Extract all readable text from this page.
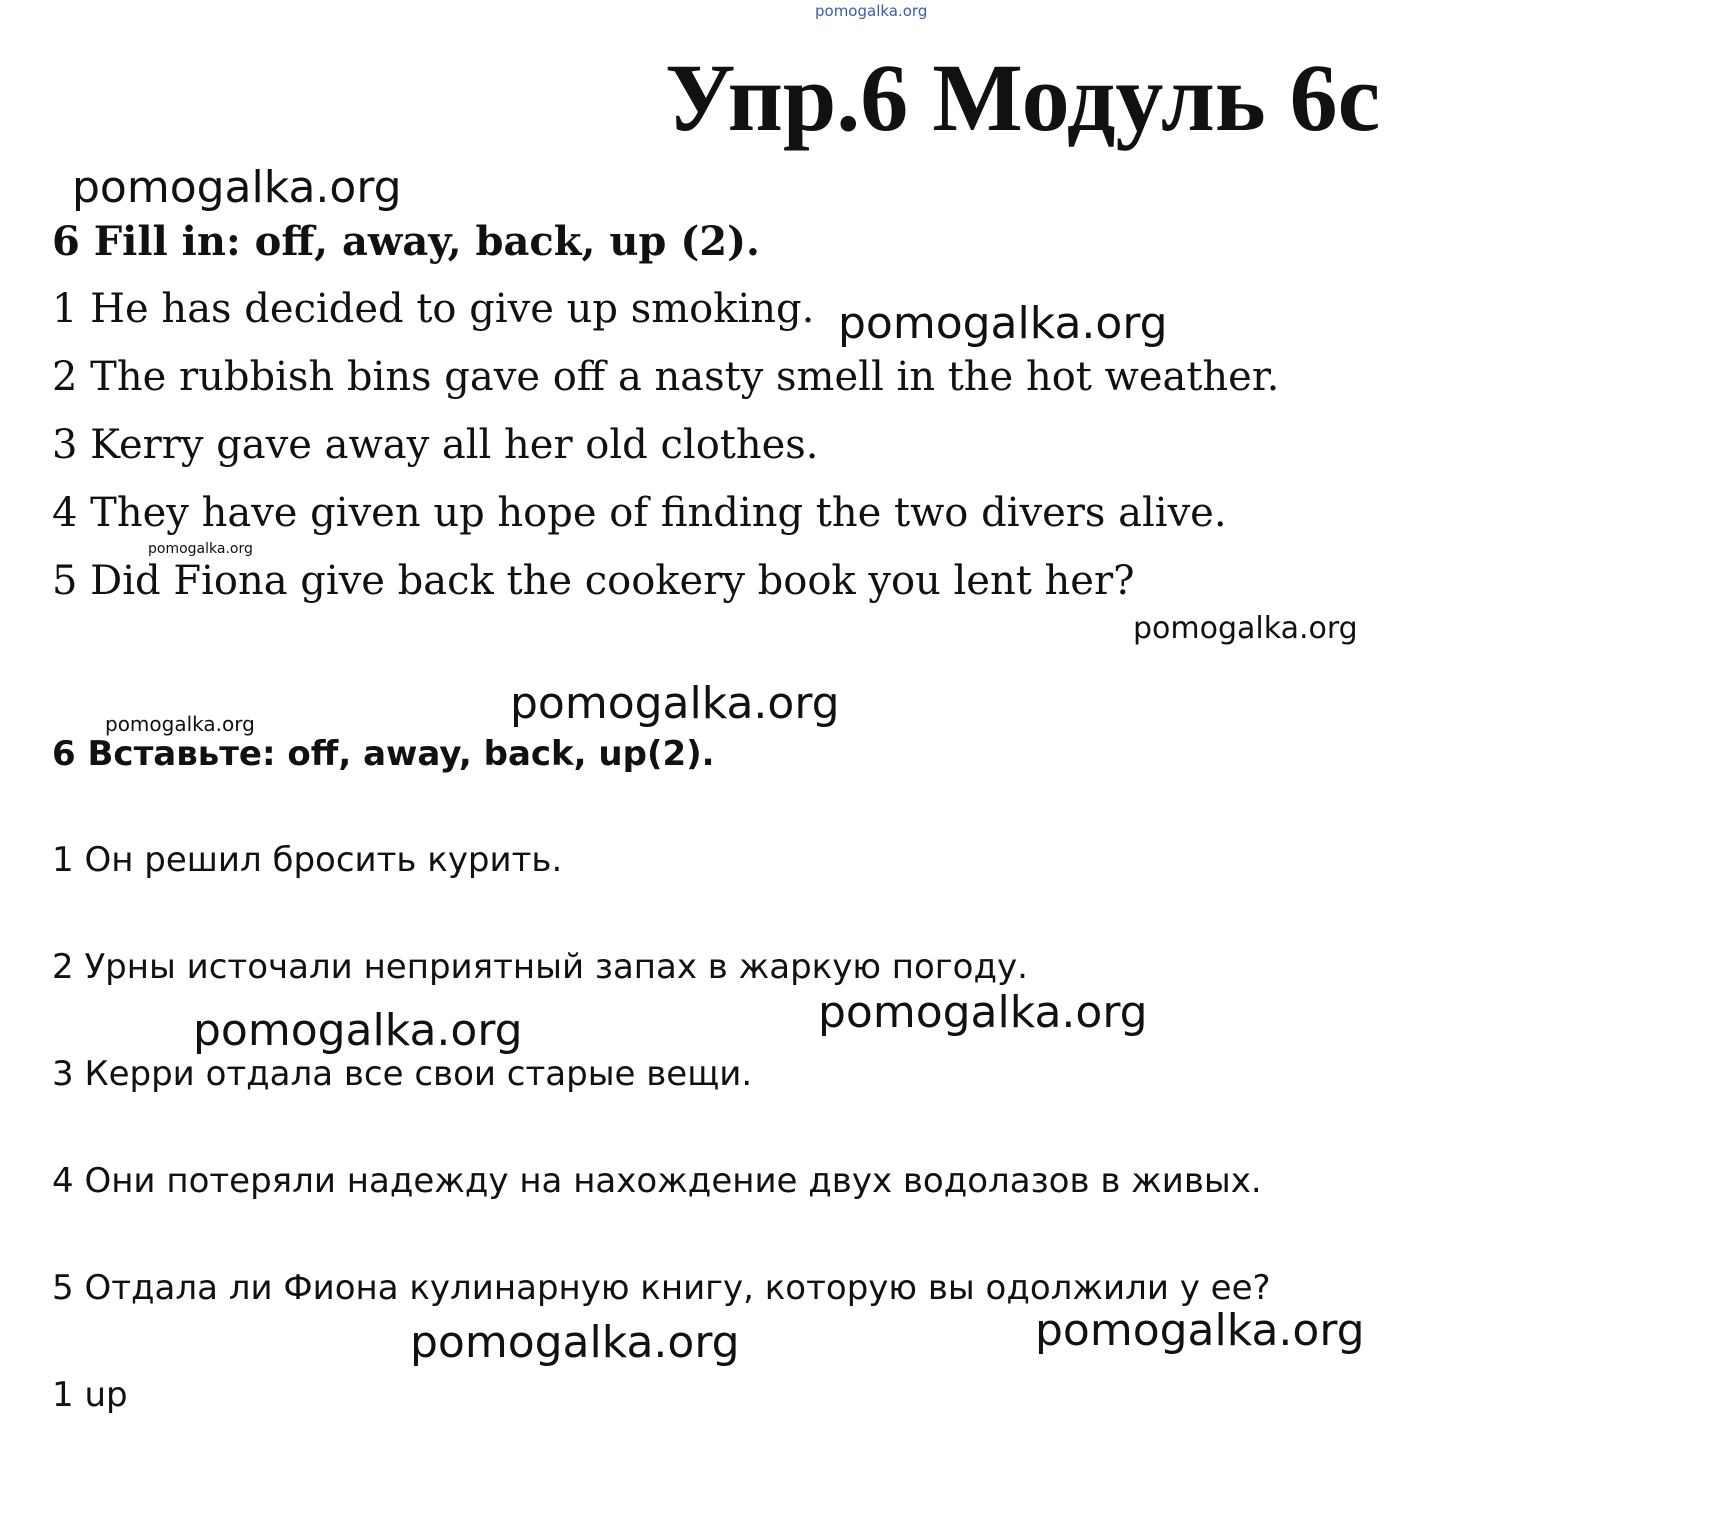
pomogalka.org
Упр.6 Модуль 6с
pomogalka.org
pomogalka.org
pomogalka.org
pomogalka.org
pomogalka.org
pomogalka.org
pomogalka.org
pomogalka.org
pomogalka.org
pomogalka.org
6 Fill in: off, away, back, up (2).
1 He has decided to give up smoking.
2 The rubbish bins gave off a nasty smell in the hot weather.
3 Kerry gave away all her old clothes.
4 They have given up hope of finding the two divers alive.
5 Did Fiona give back the cookery book you lent her?
6 Вставьте: off, away, back, up(2).
1 Он решил бросить курить.
2 Урны источали неприятный запах в жаркую погоду.
3 Керри отдала все свои старые вещи.
4 Они потеряли надежду на нахождение двух водолазов в живых.
5 Отдала ли Фиона кулинарную книгу, которую вы одолжили у ее?
1 up
